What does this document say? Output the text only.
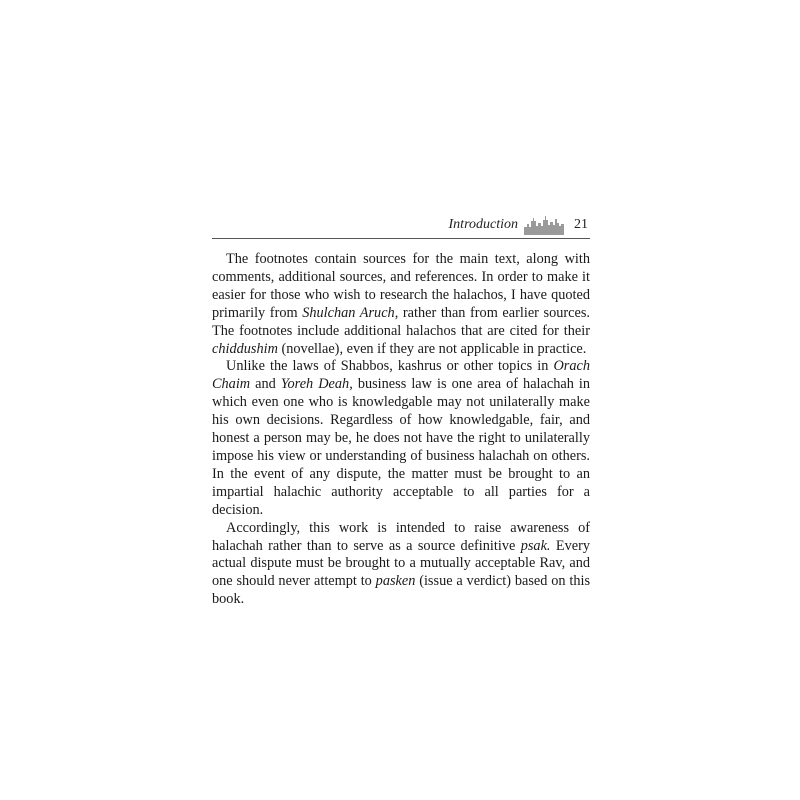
Introduction	21

The footnotes contain sources for the main text, along with comments, additional sources, and references. In order to make it easier for those who wish to research the halachos, I have quoted primarily from Shulchan Aruch, rather than from earlier sources. The footnotes include additional halachos that are cited for their chiddushim (novellae), even if they are not applicable in practice.

Unlike the laws of Shabbos, kashrus or other topics in Orach Chaim and Yoreh Deah, business law is one area of halachah in which even one who is knowledgable may not unilaterally make his own decisions. Regardless of how knowledgable, fair, and honest a person may be, he does not have the right to unilaterally impose his view or understanding of business halachah on others. In the event of any dispute, the matter must be brought to an impartial halachic authority acceptable to all parties for a decision.

Accordingly, this work is intended to raise awareness of halachah rather than to serve as a source definitive psak. Every actual dispute must be brought to a mutually acceptable Rav, and one should never attempt to pasken (issue a verdict) based on this book.
